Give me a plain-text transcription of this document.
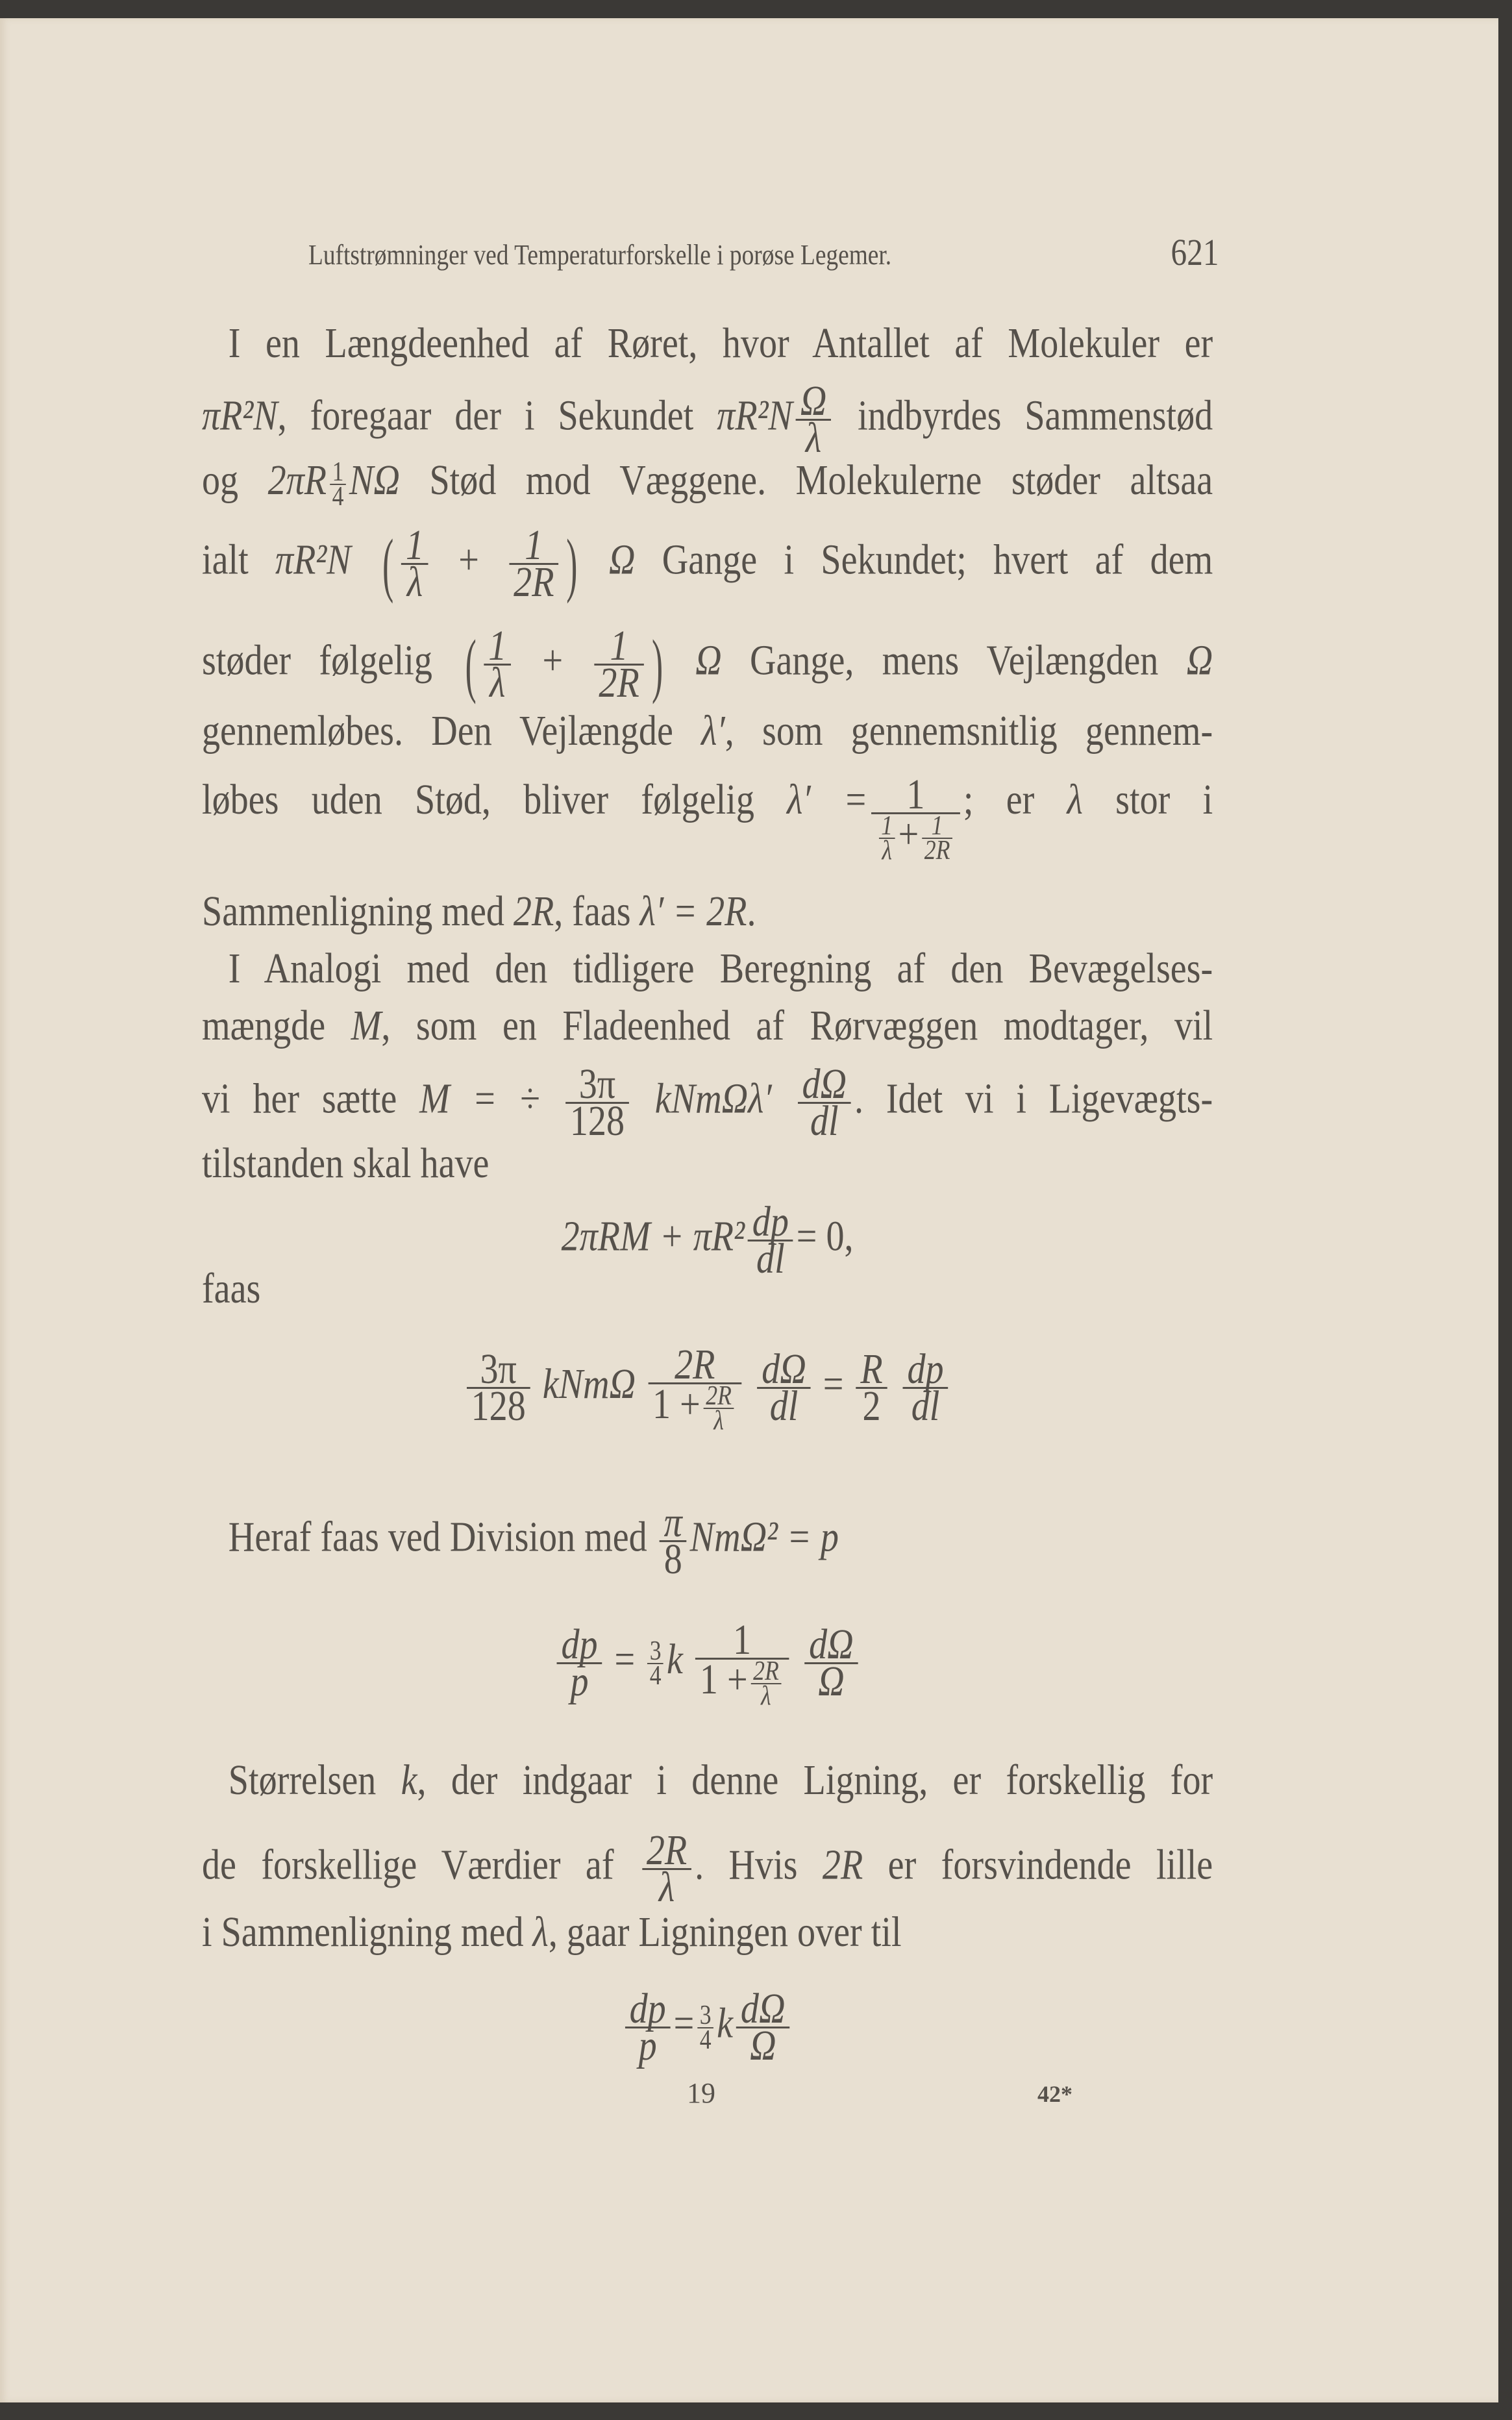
Luftstrømninger ved Temperaturforskelle i porøse Legemer.	621
I en Længdeenhed af Røret, hvor Antallet af Molekuler er
πR²N, foregaar der i Sekundet $\pi R^2N \frac{\Omega}{\lambda}$ indbyrdes Sammenstød
og $2\pi R \frac{1}{4}$ NΩ Stød mod Væggene. Molekulerne støder altsaa
ialt πR²N ( $\frac{1}{\lambda} + \frac{1}{2R}$ ) Ω Gange i Sekundet; hvert af dem
støder følgelig ( $\frac{1}{\lambda} + \frac{1}{2R}$ ) Ω Gange, mens Vejlængden Ω
gennemløbes. Den Vejlængde λ′, som gennemsnitlig gennem-
løbes uden Stød, bliver følgelig $\lambda' = \frac{1}{\frac{1}{\lambda} + \frac{1}{2R}}$ ; er λ stor i
Sammenligning med 2R, faas λ′ = 2R.
I Analogi med den tidligere Beregning af den Bevægelses-
mængde M, som en Fladeenhed af Rørvæggen modtager, vil
vi her sætte M = ÷ $\frac{3\pi}{128} kNm\Omega\lambda' \frac{d\Omega}{dl}$ . Idet vi i Ligevægts-
tilstanden skal have
$2\pi RM + \pi R^2 \frac{dp}{dl} = 0$,
faas
$\frac{3\pi}{128}$ kNmΩ $\frac{2R}{1 + \frac{2R}{\lambda}}$
$\frac{d\Omega}{dl} = \frac{R}{2}$
$\frac{dp}{dl}$
Heraf faas ved Division med $\frac{\pi}{8} Nm\Omega^2 = p$
$\frac{dp}{p} = \frac{3}{4}$ k $\frac{1}{1 + \frac{2R}{\lambda}}$
$\frac{d\Omega}{\Omega}$
Størrelsen k, der indgaar i denne Ligning, er forskellig for
de forskellige Værdier af $\frac{2R}{\lambda}$ . Hvis 2R er forsvindende lille
i Sammenligning med λ, gaar Ligningen over til
$\frac{dp}{p} = \frac{3}{4}$ k $\frac{d\Omega}{\Omega}$
19	42*
